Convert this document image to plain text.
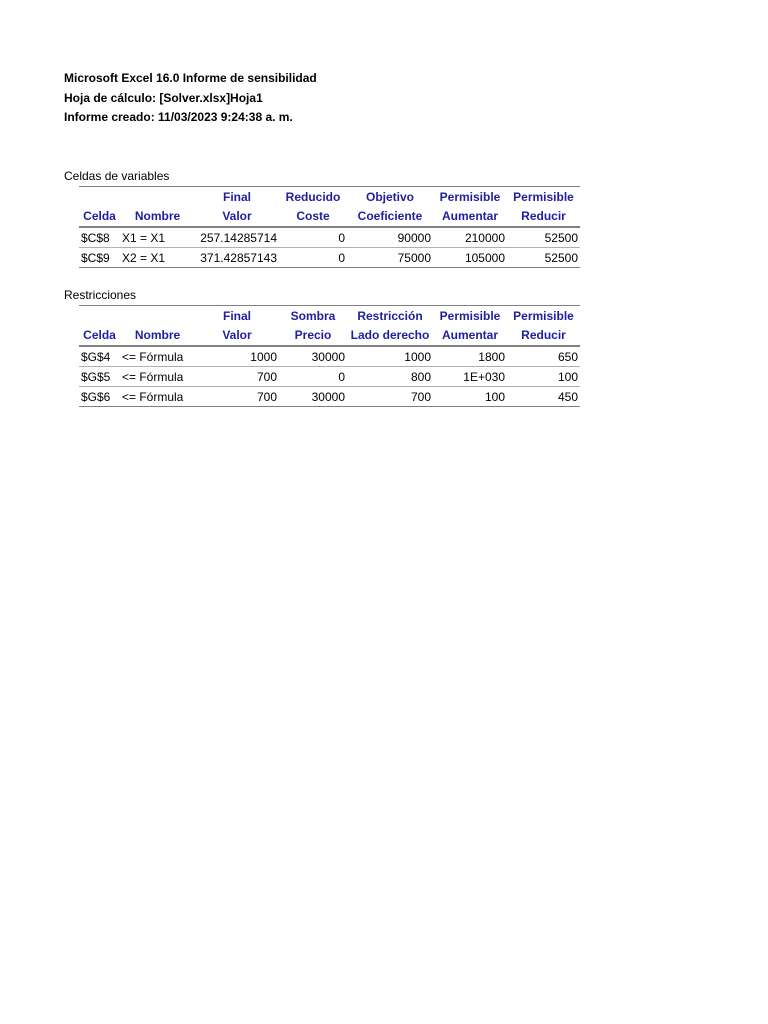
Microsoft Excel 16.0 Informe de sensibilidad
Hoja de cálculo: [Solver.xlsx]Hoja1
Informe creado: 11/03/2023 9:24:38 a. m.
Celdas de variables
		Final	Reducido	Objetivo	Permisible	Permisible
Celda	Nombre	Valor	Coste	Coeficiente	Aumentar	Reducir
$C$8	X1 = X1	257.14285714	0	90000	210000	52500
$C$9	X2 = X1	371.42857143	0	75000	105000	52500
Restricciones
		Final	Sombra	Restricción	Permisible	Permisible
Celda	Nombre	Valor	Precio	Lado derecho	Aumentar	Reducir
$G$4	<= Fórmula	1000	30000	1000	1800	650
$G$5	<= Fórmula	700	0	800	1E+030	100
$G$6	<= Fórmula	700	30000	700	100	450
